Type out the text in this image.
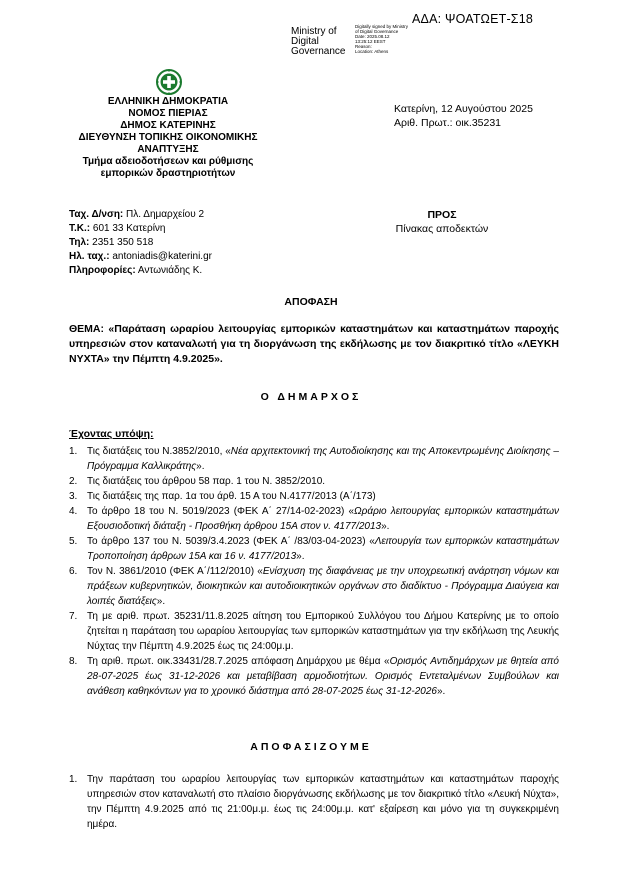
ΑΔΑ: ΨΟΑΤΩΕΤ-Σ18
Ministry of
Digital
Governance
Digitally signed by Ministry
of Digital Governance
Date: 2025.08.12
13:25:12 EEST
Reason:
Location: Athens
ΕΛΛΗΝΙΚΗ ΔΗΜΟΚΡΑΤΙΑ
ΝΟΜΟΣ ΠΙΕΡΙΑΣ
ΔΗΜΟΣ ΚΑΤΕΡΙΝΗΣ
ΔΙΕΥΘΥΝΣΗ ΤΟΠΙΚΗΣ ΟΙΚΟΝΟΜΙΚΗΣ
ΑΝΑΠΤΥΞΗΣ
Τμήμα αδειοδοτήσεων και ρύθμισης
εμπορικών δραστηριοτήτων
Κατερίνη, 12 Αυγούστου 2025
Αριθ. Πρωτ.: οικ.35231
Ταχ. Δ/νση: Πλ. Δημαρχείου 2
Τ.Κ.: 601 33 Κατερίνη
Τηλ: 2351 350 518
Ηλ. ταχ.: antoniadis@katerini.gr
Πληροφορίες: Αντωνιάδης Κ.
ΠΡΟΣ
Πίνακας αποδεκτών
ΑΠΟΦΑΣΗ
ΘΕΜΑ: «Παράταση ωραρίου λειτουργίας εμπορικών καταστημάτων και καταστημάτων παροχής υπηρεσιών στον καταναλωτή για τη διοργάνωση της εκδήλωσης με τον διακριτικό τίτλο «ΛΕΥΚΗ ΝΥΧΤΑ» την Πέμπτη 4.9.2025».
Ο ΔΗΜΑΡΧΟΣ
Έχοντας υπόψη:
1. Τις διατάξεις του Ν.3852/2010, «Νέα αρχιτεκτονική της Αυτοδιοίκησης και της Αποκεντρωμένης Διοίκησης – Πρόγραμμα Καλλικράτης».
2. Τις διατάξεις του άρθρου 58 παρ. 1 του Ν. 3852/2010.
3. Τις διατάξεις της παρ. 1α του άρθ. 15 Α του Ν.4177/2013 (Α΄/173)
4. Το άρθρο 18 του Ν. 5019/2023 (ΦΕΚ Α΄ 27/14-02-2023) «Ωράριο λειτουργίας εμπορικών καταστημάτων Εξουσιοδοτική διάταξη - Προσθήκη άρθρου 15Α στον ν. 4177/2013».
5. Το άρθρο 137 του Ν. 5039/3.4.2023 (ΦΕΚ Α΄ /83/03-04-2023) «Λειτουργία των εμπορικών καταστημάτων Τροποποίηση άρθρων 15Α και 16 ν. 4177/2013».
6. Τον Ν. 3861/2010 (ΦΕΚ Α΄/112/2010) «Ενίσχυση της διαφάνειας με την υποχρεωτική ανάρτηση νόμων και πράξεων κυβερνητικών, διοικητικών και αυτοδιοικητικών οργάνων στο διαδίκτυο - Πρόγραμμα Διαύγεια και λοιπές διατάξεις».
7. Τη με αριθ. πρωτ. 35231/11.8.2025 αίτηση του Εμπορικού Συλλόγου του Δήμου Κατερίνης με το οποίο ζητείται η παράταση του ωραρίου λειτουργίας των εμπορικών καταστημάτων για την εκδήλωση της Λευκής Νύχτας την Πέμπτη 4.9.2025 έως τις 24:00μ.μ.
8. Τη αριθ. πρωτ. οικ.33431/28.7.2025 απόφαση Δημάρχου με θέμα «Ορισμός Αντιδημάρχων με θητεία από 28-07-2025 έως 31-12-2026 και μεταβίβαση αρμοδιοτήτων. Ορισμός Εντεταλμένων Συμβούλων και ανάθεση καθηκόντων για το χρονικό διάστημα από 28-07-2025 έως 31-12-2026».
ΑΠΟΦΑΣΙΖΟΥΜΕ
1. Την παράταση του ωραρίου λειτουργίας των εμπορικών καταστημάτων και καταστημάτων παροχής υπηρεσιών στον καταναλωτή στο πλαίσιο διοργάνωσης εκδήλωσης με τον διακριτικό τίτλο «Λευκή Νύχτα», την Πέμπτη 4.9.2025 από τις 21:00μ.μ. έως τις 24:00μ.μ. κατ' εξαίρεση και μόνο για τη συγκεκριμένη ημέρα.
